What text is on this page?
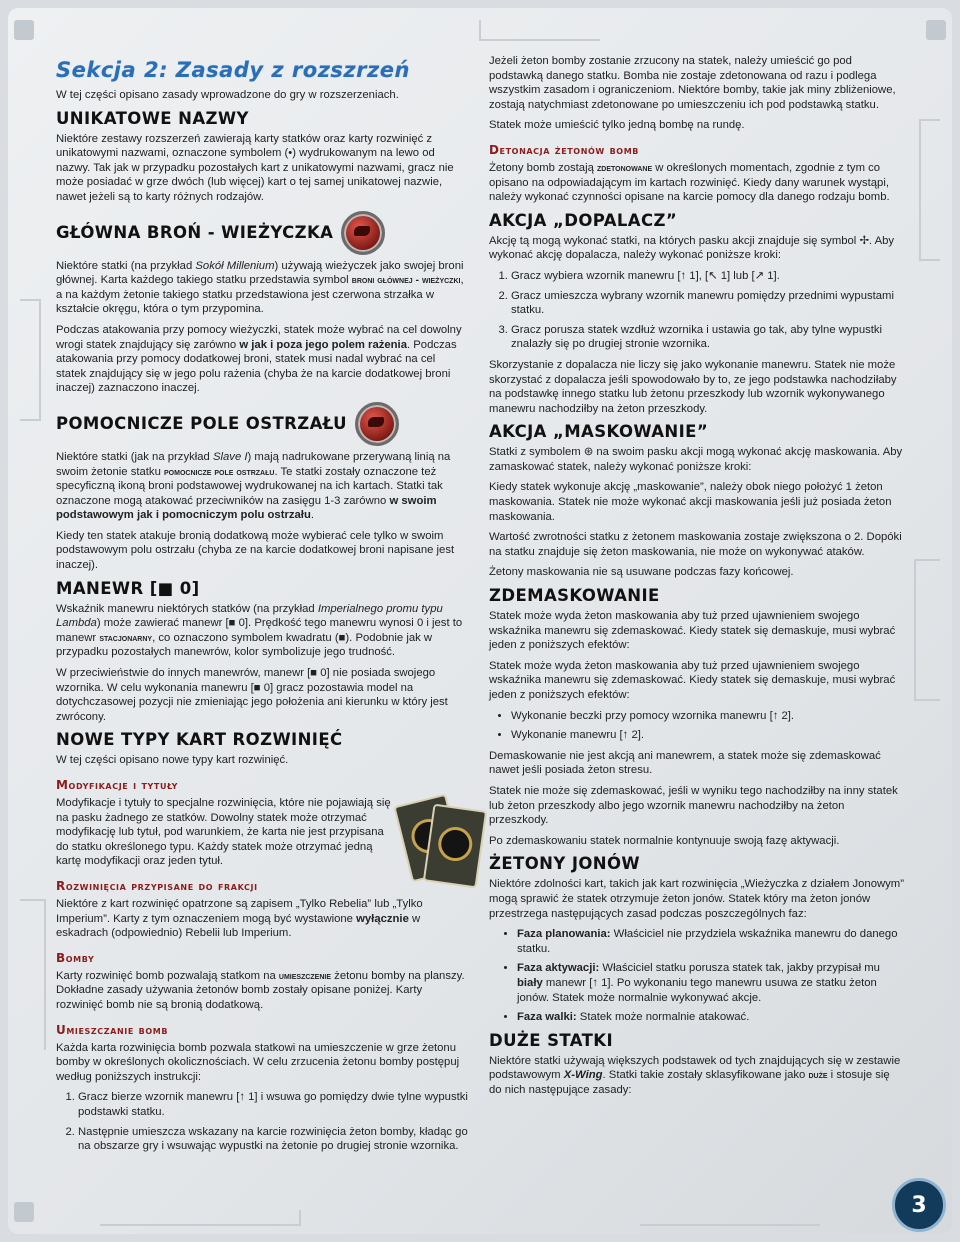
Sekcja 2: Zasady z rozszrzeń

W tej części opisano zasady wprowadzone do gry w rozszerzeniach.

UNIKATOWE NAZWY

Niektóre zestawy rozszerzeń zawierają karty statków oraz karty rozwinięć z unikatowymi nazwami, oznaczone symbolem (•) wydrukowanym na lewo od nazwy. Tak jak w przypadku pozostałych kart z unikatowymi nazwami, gracz nie może posiadać w grze dwóch (lub więcej) kart o tej samej unikatowej nazwie, nawet jeżeli są to karty różnych rodzajów.

GŁÓWNA BROŃ - WIEŻYCZKA

Niektóre statki (na przykład Sokół Millenium) używają wieżyczek jako swojej broni głównej. Karta każdego takiego statku przedstawia symbol broni głównej - wieżyczki, a na każdym żetonie takiego statku przedstawiona jest czerwona strzałka w kształcie okręgu, która o tym przypomina.

Podczas atakowania przy pomocy wieżyczki, statek może wybrać na cel dowolny wrogi statek znajdujący się zarówno w jak i poza jego polem rażenia. Podczas atakowania przy pomocy dodatkowej broni, statek musi nadal wybrać na cel statek znajdujący się w jego polu rażenia (chyba że na karcie dodatkowej broni inaczej) zaznaczono inaczej.

POMOCNICZE POLE OSTRZAŁU

Niektóre statki (jak na przykład Slave I) mają nadrukowane przerywaną linią na swoim żetonie statku pomocnicze pole ostrzału. Te statki zostały oznaczone też specyficzną ikoną broni podstawowej wydrukowanej na ich kartach. Statki tak oznaczone mogą atakować przeciwników na zasięgu 1-3 zarówno w swoim podstawowym jak i pomocniczym polu ostrzału.

Kiedy ten statek atakuje bronią dodatkową może wybierać cele tylko w swoim podstawowym polu ostrzału (chyba ze na karcie dodatkowej broni napisane jest inaczej).

MANEWR [■ 0]

Wskaźnik manewru niektórych statków (na przykład Imperialnego promu typu Lambda) może zawierać manewr [■ 0]. Prędkość tego manewru wynosi 0 i jest to manewr stacjonarny, co oznaczono symbolem kwadratu (■). Podobnie jak w przypadku pozostałych manewrów, kolor symbolizuje jego trudność.

W przeciwieństwie do innych manewrów, manewr [■ 0] nie posiada swojego wzornika. W celu wykonania manewru [■ 0] gracz pozostawia model na dotychczasowej pozycji nie zmieniając jego położenia ani kierunku w który jest zwrócony.

NOWE TYPY KART ROZWINIĘĆ

W tej części opisano nowe typy kart rozwinięć.

Modyfikacje i tytuły

Modyfikacje i tytuły to specjalne rozwinięcia, które nie pojawiają się na pasku żadnego ze statków. Dowolny statek może otrzymać modyfikację lub tytuł, pod warunkiem, że karta nie jest przypisana do statku określonego typu. Każdy statek może otrzymać jedną kartę modyfikacji oraz jeden tytuł.

Rozwinięcia przypisane do frakcji

Niektóre z kart rozwinięć opatrzone są zapisem „Tylko Rebelia” lub „Tylko Imperium”. Karty z tym oznaczeniem mogą być wystawione wyłącznie w eskadrach (odpowiednio) Rebelii lub Imperium.

Bomby

Karty rozwinięć bomb pozwalają statkom na umieszczenie żetonu bomby na planszy. Dokładne zasady używania żetonów bomb zostały opisane poniżej. Karty rozwinięć bomb nie są bronią dodatkową.

Umieszczanie bomb

Każda karta rozwinięcia bomb pozwala statkowi na umieszczenie w grze żetonu bomby w określonych okolicznościach. W celu zrzucenia żetonu bomby postępuj według poniższych instrukcji:

1. Gracz bierze wzornik manewru [↑ 1] i wsuwa go pomiędzy dwie tylne wypustki podstawki statku.
2. Następnie umieszcza wskazany na karcie rozwinięcia żeton bomby, kładąc go na obszarze gry i wsuwając wypustki na żetonie po drugiej stronie wzornika.

Jeżeli żeton bomby zostanie zrzucony na statek, należy umieścić go pod podstawką danego statku. Bomba nie zostaje zdetonowana od razu i podlega wszystkim zasadom i ograniczeniom. Niektóre bomby, takie jak miny zbliżeniowe, zostają natychmiast zdetonowane po umieszczeniu ich pod podstawką statku.

Statek może umieścić tylko jedną bombę na rundę.

Detonacja żetonów bomb

Żetony bomb zostają zdetonowane w określonych momentach, zgodnie z tym co opisano na odpowiadającym im kartach rozwinięć. Kiedy dany warunek wystąpi, należy wykonać czynności opisane na karcie pomocy dla danego rodzaju bomb.

AKCJA „DOPALACZ”

Akcję tą mogą wykonać statki, na których pasku akcji znajduje się symbol ✢. Aby wykonać akcję dopalacza, należy wykonać poniższe kroki:

1. Gracz wybiera wzornik manewru [↑ 1], [↖ 1] lub [↗ 1].
2. Gracz umieszcza wybrany wzornik manewru pomiędzy przednimi wypustami statku.
3. Gracz porusza statek wzdłuż wzornika i ustawia go tak, aby tylne wypustki znalazły się po drugiej stronie wzornika.

Skorzystanie z dopalacza nie liczy się jako wykonanie manewru. Statek nie może skorzystać z dopalacza jeśli spowodowało by to, ze jego podstawka nachodziłaby na podstawkę innego statku lub żetonu przeszkody lub wzornik wykonywanego manewru nachodziłby na żeton przeszkody.

AKCJA „MASKOWANIE”

Statki z symbolem ⊛ na swoim pasku akcji mogą wykonać akcję maskowania. Aby zamaskować statek, należy wykonać poniższe kroki:

Kiedy statek wykonuje akcję „maskowanie”, należy obok niego położyć 1 żeton maskowania. Statek nie może wykonać akcji maskowania jeśli już posiada żeton maskowania.

Wartość zwrotności statku z żetonem maskowania zostaje zwiększona o 2. Dopóki na statku znajduje się żeton maskowania, nie może on wykonywać ataków.

Żetony maskowania nie są usuwane podczas fazy końcowej.

ZDEMASKOWANIE

Statek może wyda żeton maskowania aby tuż przed ujawnieniem swojego wskaźnika manewru się zdemaskować. Kiedy statek się demaskuje, musi wybrać jeden z poniższych efektów:

Statek może wyda żeton maskowania aby tuż przed ujawnieniem swojego wskaźnika manewru się zdemaskować. Kiedy statek się demaskuje, musi wybrać jeden z poniższych efektów:

• Wykonanie beczki przy pomocy wzornika manewru [↑ 2].
• Wykonanie manewru [↑ 2].

Demaskowanie nie jest akcją ani manewrem, a statek może się zdemaskować nawet jeśli posiada żeton stresu.

Statek nie może się zdemaskować, jeśli w wyniku tego nachodziłby na inny statek lub żeton przeszkody albo jego wzornik manewru nachodziłby na żeton przeszkody.

Po zdemaskowaniu statek normalnie kontynuuje swoją fazę aktywacji.

ŻETONY JONÓW

Niektóre zdolności kart, takich jak kart rozwinięcia „Wieżyczka z działem Jonowym” mogą sprawić że statek otrzymuje żeton jonów. Statek który ma żeton jonów przestrzega następujących zasad podczas poszczególnych faz:

• Faza planowania: Właściciel nie przydziela wskaźnika manewru do danego statku.
• Faza aktywacji: Właściciel statku porusza statek tak, jakby przypisał mu biały manewr [↑ 1]. Po wykonaniu tego manewru usuwa ze statku żeton jonów. Statek może normalnie wykonywać akcje.
• Faza walki: Statek może normalnie atakować.
DUŻE STATKI

Niektóre statki używają większych podstawek od tych znajdujących się w zestawie podstawowym X-Wing. Statki takie zostały sklasyfikowane jako duże i stosuje się do nich następujące zasady:

3
